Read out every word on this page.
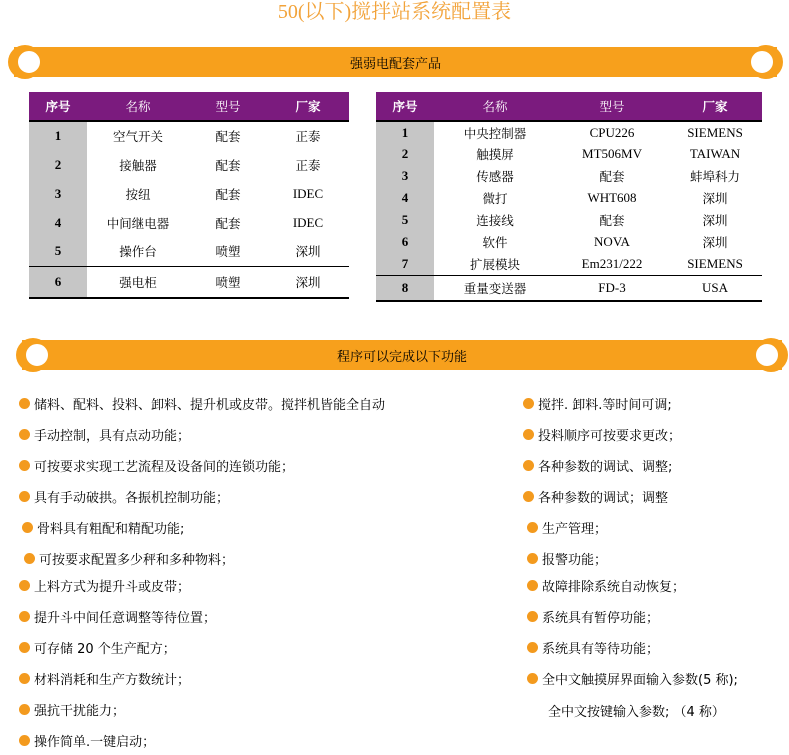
50(以下)搅拌站系统配置表
强弱电配套产品
序号	名称	型号	厂家
1	空气开关	配套	正泰
2	接触器	配套	正泰
3	按纽	配套	IDEC
4	中间继电器	配套	IDEC
5	操作台	喷塑	深圳
6	强电柜	喷塑	深圳
序号	名称	型号	厂家
1	中央控制器	CPU226	SIEMENS
2	触摸屏	MT506MV	TAIWAN
3	传感器	配套	蚌埠科力
4	微打	WHT608	深圳
5	连接线	配套	深圳
6	软件	NOVA	深圳
7	扩展模块	Em231/222	SIEMENS
8	重量变送器	FD-3	USA
程序可以完成以下功能
储料、配料、投料、卸料、提升机或皮带。搅拌机皆能全自动
手动控制，具有点动功能；
可按要求实现工艺流程及设备间的连锁功能；
具有手动破拱。各振机控制功能；
骨料具有粗配和精配功能;
可按要求配置多少秤和多种物料；
上料方式为提升斗或皮带；
提升斗中间任意调整等待位置；
可存储 20 个生产配方；
材料消耗和生产方数统计；
强抗干扰能力；
操作简单.一键启动；
搅拌. 卸料.等时间可调;
投料顺序可按要求更改；
各种参数的调试、调整;
各种参数的调试；调整
生产管理；
报警功能；
故障排除系统自动恢复；
系统具有暂停功能；
系统具有等待功能；
全中文触摸屏界面输入参数(5 称);
全中文按键输入参数; （4 称）
